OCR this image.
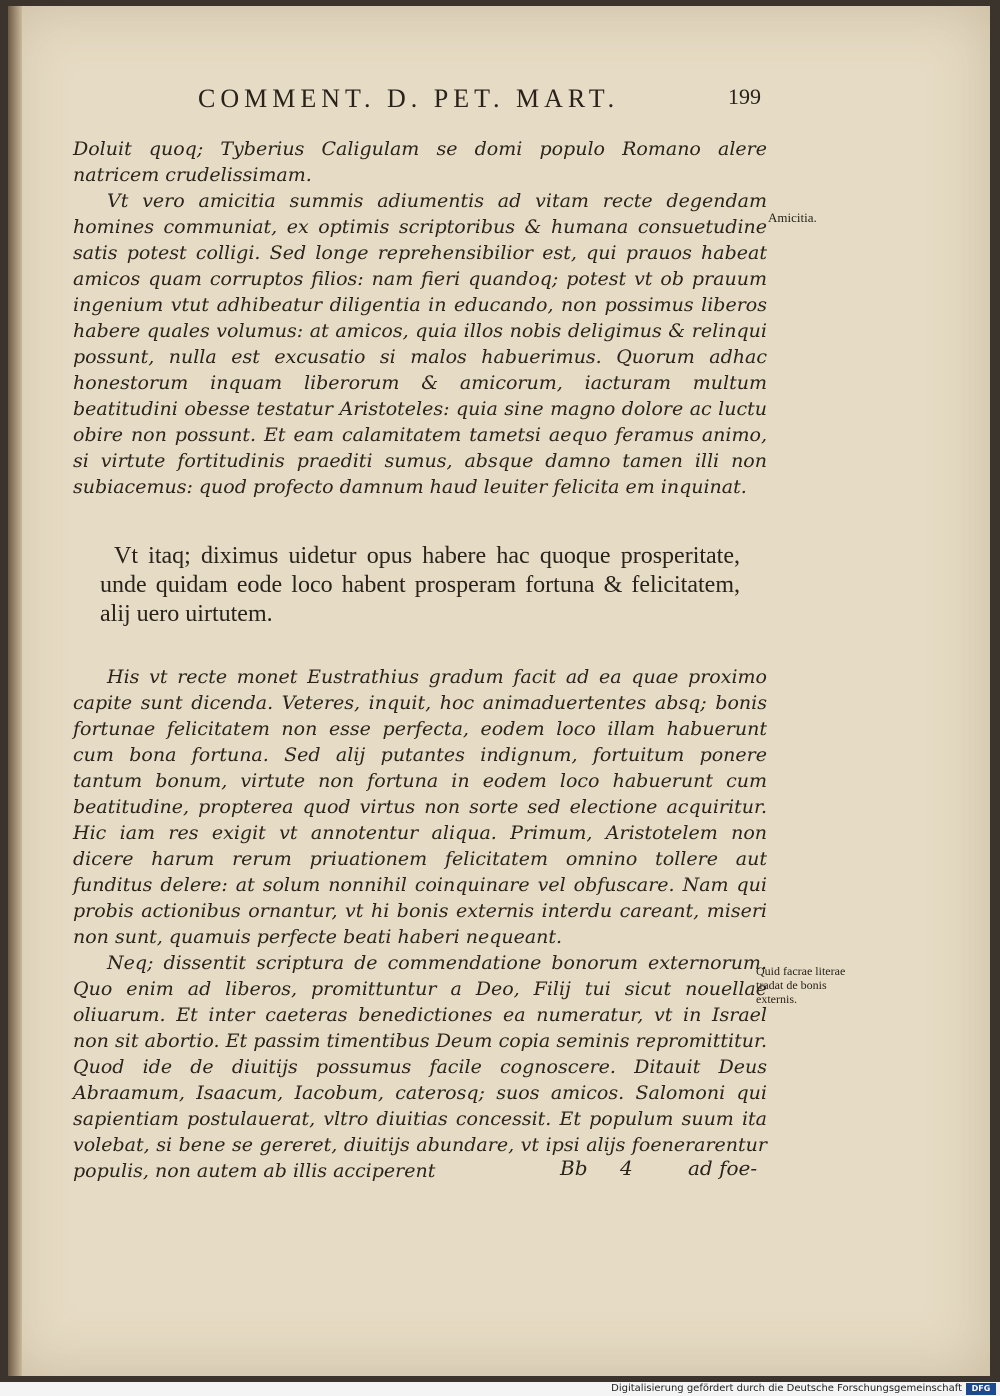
COMMENT. D. PET. MART.	199

Doluit quoq; Tyberius Caligulam se domi populo Romano alere natricem crudelissimam.

Vt vero amicitia summis adiumentis ad vitam recte degendam homines communiat, ex optimis scriptoribus & humana consuetudine satis potest colligi. Sed longe reprehensibilior est, qui prauos habeat amicos quam corruptos filios: nam fieri quandoq; potest vt ob prauum ingenium vtut adhibeatur diligentia in educando, non possimus liberos habere quales volumus: at amicos, quia illos nobis deligimus & relinqui possunt, nulla est excusatio si malos habuerimus. Quorum adhac honestorum inquam liberorum & amicorum, iacturam multum beatitudini obesse testatur Aristoteles: quia sine magno dolore ac luctu obire non possunt. Et eam calamitatem tametsi aequo feramus animo, si virtute fortitudinis praediti sumus, absque damno tamen illi non subiacemus: quod profecto damnum haud leuiter felicita em inquinat.

Vt itaq; diximus uidetur opus habere hac quoque prosperitate, unde quidam eode loco habent prosperam fortuna & felicitatem, alij uero uirtutem.

His vt recte monet Eustrathius gradum facit ad ea quae proximo capite sunt dicenda. Veteres, inquit, hoc animaduertentes absq; bonis fortunae felicitatem non esse perfecta, eodem loco illam habuerunt cum bona fortuna. Sed alij putantes indignum, fortuitum ponere tantum bonum, virtute non fortuna in eodem loco habuerunt cum beatitudine, propterea quod virtus non sorte sed electione acquiritur. Hic iam res exigit vt annotentur aliqua. Primum, Aristotelem non dicere harum rerum priuationem felicitatem omnino tollere aut funditus delere: at solum nonnihil coinquinare vel obfuscare. Nam qui probis actionibus ornantur, vt hi bonis externis interdu careant, miseri non sunt, quamuis perfecte beati haberi nequeant.

Neq; dissentit scriptura de commendatione bonorum externorum. Quo enim ad liberos, promittuntur a Deo, Filij tui sicut nouellae oliuarum. Et inter caeteras benedictiones ea numeratur, vt in Israel non sit abortio. Et passim timentibus Deum copia seminis repromittitur. Quod ide de diuitijs possumus facile cognoscere. Ditauit Deus Abraamum, Isaacum, Iacobum, caterosq; suos amicos. Salomoni qui sapientiam postulauerat, vltro diuitias concessit. Et populum suum ita volebat, si bene se gereret, diuitijs abundare, vt ipsi alijs foenerarentur populis, non autem ab illis acciperent

Amicitia.
Quid facrae literae tradat de bonis externis.
Bb 4	ad foe-
Digitalisierung gefördert durch die Deutsche Forschungsgemeinschaft	DFG
